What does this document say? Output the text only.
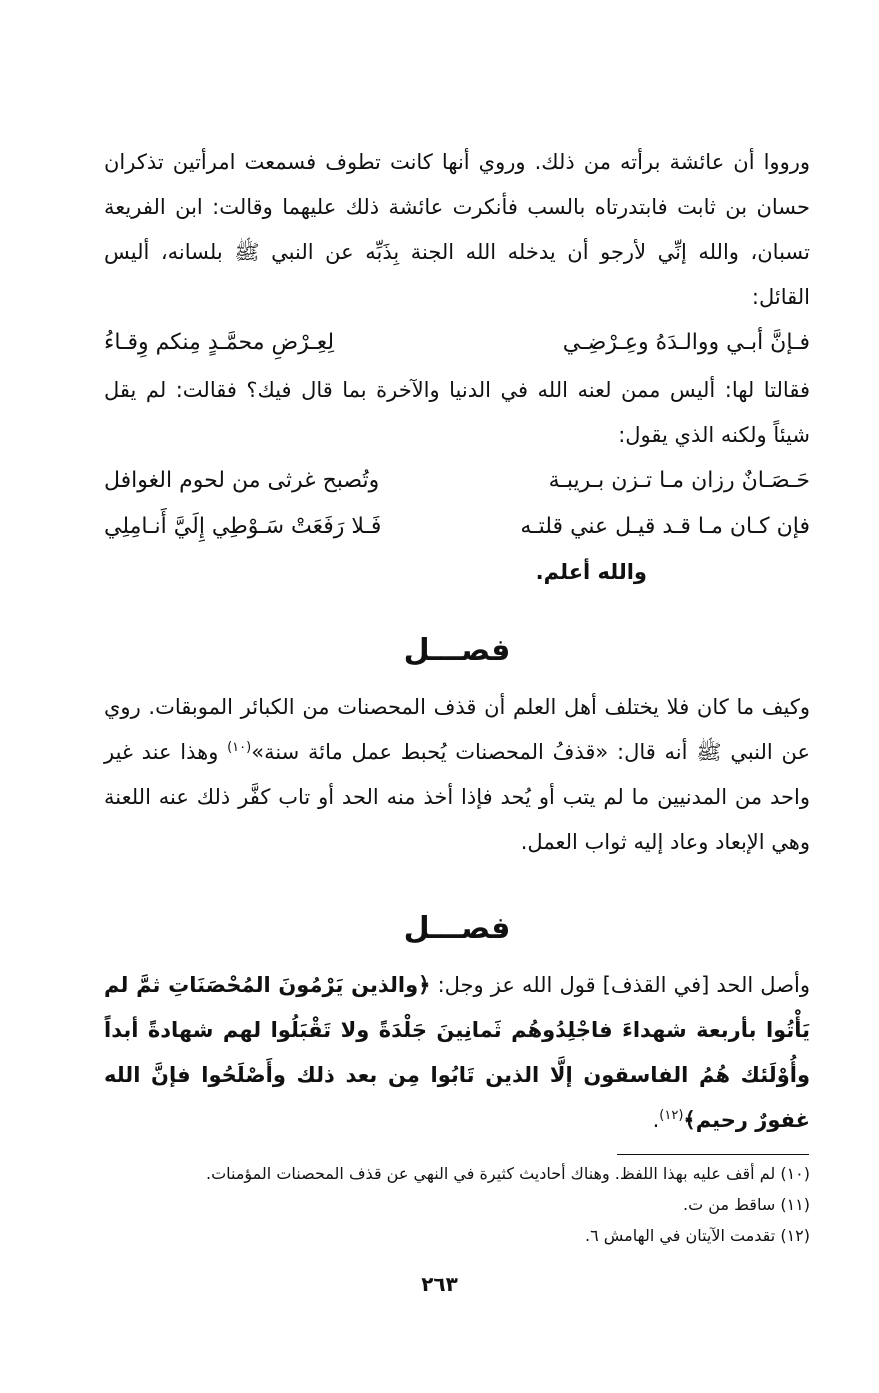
ورووا أن عائشة برأته من ذلك. وروي أنها كانت تطوف فسمعت امرأتين تذكران حسان بن ثابت فابتدرتاه بالسب فأنكرت عائشة ذلك عليهما وقالت: ابن الفريعة تسبان، والله إنِّي لأرجو أن يدخله الله الجنة بِذَبِّه عن النبي ﷺ بلسانه، أليس القائل:

فـإنَّ أبـي ووالـدَهُ وعِـرْضِـي
لِعِـرْضِ محمَّـدٍ مِنكم وِقـاءُ

فقالتا لها: أليس ممن لعنه الله في الدنيا والآخرة بما قال فيك؟ فقالت: لم يقل شيئاً ولكنه الذي يقول:

حَـصَـانٌ رزان مـا تـزن بـريبـة
وتُصبح غرثى من لحوم الغوافل
فإن كـان مـا قـد قيـل عني قلتـه
فَـلا رَفَعَتْ سَـوْطِي إِلَيَّ أَنـامِلِي

والله أعلم.

فصـــل

وكيف ما كان فلا يختلف أهل العلم أن قذف المحصنات من الكبائر الموبقات. روي عن النبي ﷺ أنه قال: «قذفُ المحصنات يُحبط عمل مائة سنة»$^{(١٠)}$ وهذا عند غير واحد من المدنيين ما لم يتب أو يُحد فإذا أخذ منه الحد أو تاب كفَّر ذلك عنه اللعنة وهي الإبعاد وعاد إليه ثواب العمل.

فصـــل

وأصل الحد [في القذف] قول الله عز وجل: ﴿والذين يَرْمُونَ المُحْصَنَاتِ ثمَّ لم يَأْتُوا بأربعة شهداءَ فاجْلِدُوهُم ثَمانِينَ جَلْدَةً ولا تَقْبَلُوا لهم شهادةً أبداً وأُوْلَئك هُمُ الفاسقون إلَّا الذين تَابُوا مِن بعد ذلك وأَصْلَحُوا فإنَّ الله غفورٌ رحيم﴾$^{(١٢)}$.

(١٠) لم أقف عليه بهذا اللفظ. وهناك أحاديث كثيرة في النهي عن قذف المحصنات المؤمنات.

(١١) ساقط من ت.

(١٢) تقدمت الآيتان في الهامش ٦.

٢٦٣
